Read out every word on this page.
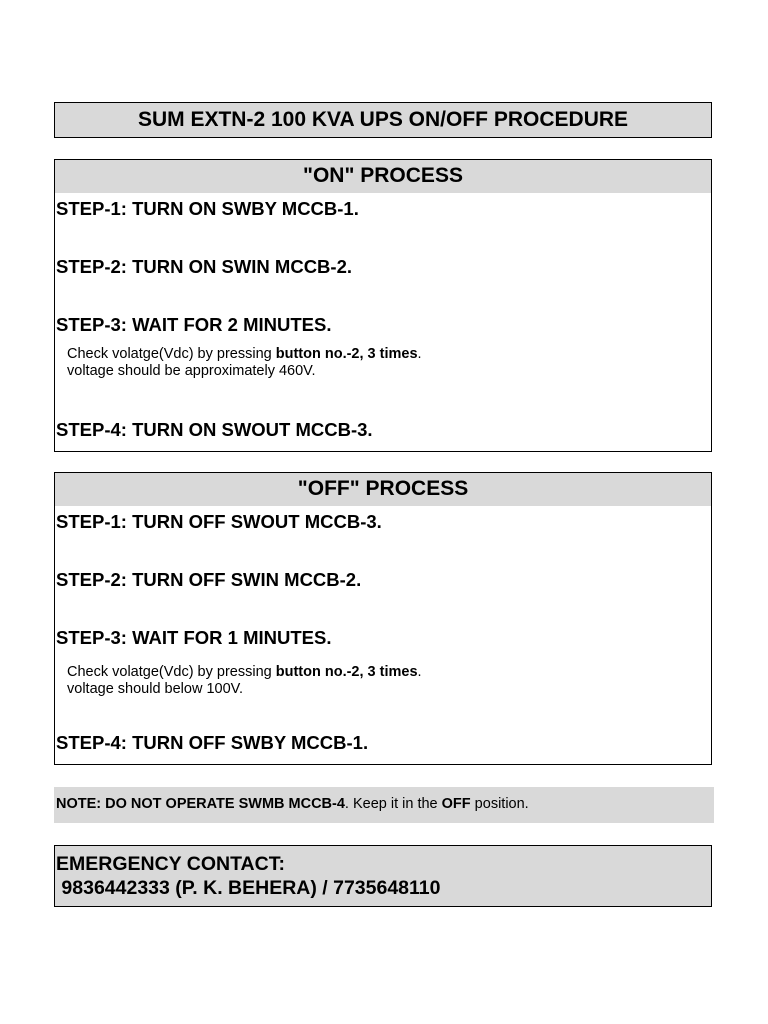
SUM EXTN-2 100 KVA UPS ON/OFF PROCEDURE
"ON" PROCESS
STEP-1: TURN ON SWBY MCCB-1.
STEP-2: TURN ON SWIN MCCB-2.
STEP-3: WAIT FOR 2 MINUTES.
Check volatge(Vdc) by pressing button no.-2, 3 times.
voltage should be approximately 460V.
STEP-4: TURN ON SWOUT MCCB-3.
"OFF" PROCESS
STEP-1: TURN OFF SWOUT MCCB-3.
STEP-2: TURN OFF SWIN MCCB-2.
STEP-3: WAIT FOR 1 MINUTES.
Check volatge(Vdc) by pressing button no.-2, 3 times.
voltage should below 100V.
STEP-4: TURN OFF SWBY MCCB-1.
NOTE: DO NOT OPERATE SWMB MCCB-4. Keep it in the OFF position.
EMERGENCY CONTACT:
9836442333 (P. K. BEHERA) / 7735648110
